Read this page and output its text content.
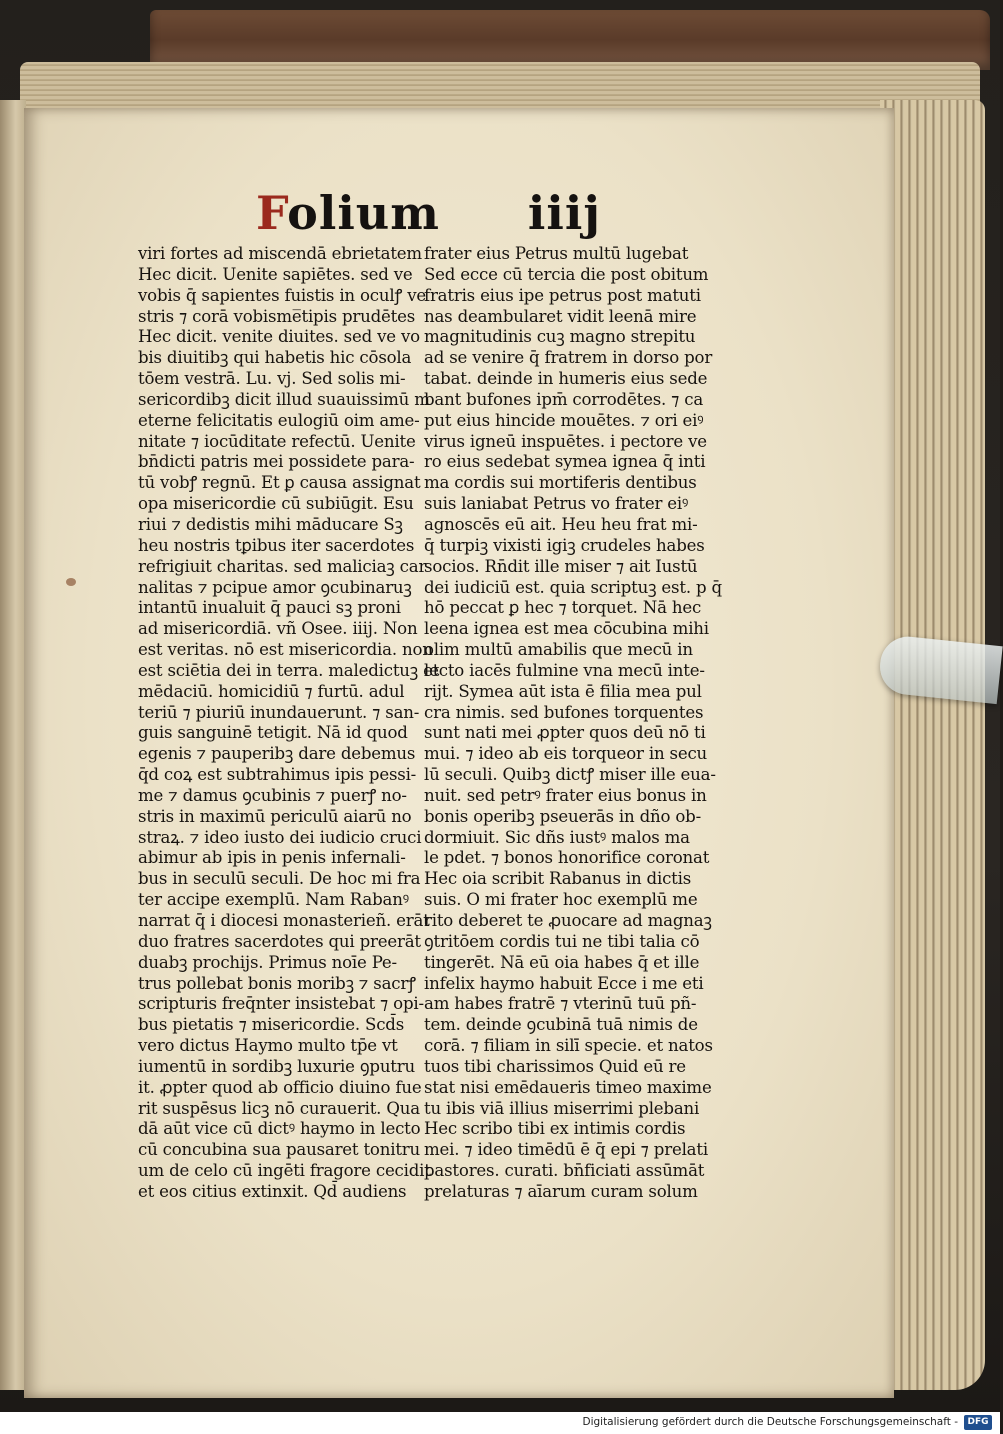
Folium iiij
viri fortes ad miscendā ebrietatem
Hec dicit. Uenite sapiētes. sed ve
vobis q̄ sapientes fuistis in oculꝭ ve
stris ⁊ corā vobisme̅tipis prudētes
Hec dicit. venite diuites. sed ve vo
bis diuitibꝫ qui habetis hic cōsola
tōem vestrā. Lu. vj. Sed solis mi-
sericordibꝫ dicit illud suauissimū m
eterne felicitatis eulogiū oim ame-
nitate ⁊ iocūditate refectū. Uenite
bn̄dicti patris mei possidete para-
tū vobꝭ regnū. Et ꝑ causa assignat
opa misericordie cū subiūgit. Esu
riui ⁊ dedistis mihi māducare Sꝫ
heu nostris tꝑibus iter sacerdotes
refrigiuit charitas. sed maliciaꝫ car
nalitas ⁊ pcipue amor ꝯcubinaruꝫ
intantū inualuit q̄ pauci sꝫ proni
ad misericordiā. vñ Osee. iiij. Non
est veritas. nō est misericordia. non
est sciētia dei in terra. maledictuꝫ et
mēdaciū. homicidiū ⁊ furtū. adul
teriū ⁊ piuriū inundauerunt. ⁊ san-
guis sanguinē tetigit. Nā id quod
egenis ⁊ pauperibꝫ dare debemus
q̄d coꝝ est subtrahimus ipis pessi-
me ⁊ damus ꝯcubinis ⁊ puerꝭ no-
stris in maximū periculū aiarū no
straꝝ. ⁊ ideo iusto dei iudicio cruci
abimur ab ipis in penis infernali-
bus in seculū seculi. De hoc mi fra
ter accipe exemplū. Nam Rabanꝰ
narrat q̄ i diocesi monasterieñ. erāt
duo fratres sacerdotes qui preerāt
duabꝫ prochijs. Primus noīe Pe-
trus pollebat bonis moribꝫ ⁊ sacrꝭ
scripturis freq̄nter insistebat ⁊ opi-
bus pietatis ⁊ misericordie. Scd̄s
vero dictus Haymo multo tp̄e vt
iumentū in sordibꝫ luxurie ꝯputru
it. ꝓpter quod ab officio diuino fue
rit suspēsus licꝫ nō curauerit. Qua
dā aūt vice cū dictꝰ haymo in lecto
cū concubina sua pausaret tonitru
um de celo cū ingēti fragore cecidit
et eos citius extinxit. Qd̄ audiens
frater eius Petrus multū lugebat
Sed ecce cū tercia die post obitum
fratris eius ipe petrus post matuti
nas deambularet vidit leenā mire
magnitudinis cuꝫ magno strepitu
ad se venire q̄ fratrem in dorso por
tabat. deinde in humeris eius sede
bant bufones ipm̄ corrodētes. ⁊ ca
put eius hincide mouētes. ⁊ ori eiꝰ
virus igneū inspuētes. i pectore ve
ro eius sedebat symea ignea q̄ inti
ma cordis sui mortiferis dentibus
suis laniabat Petrus vo frater eiꝰ
agnoscēs eū ait. Heu heu frat mi-
q̄ turpiꝫ vixisti igiꝫ crudeles habes
socios. Rn̄dit ille miser ⁊ ait Iustū
dei iudiciū est. quia scriptuꝫ est. p q̄
hō peccat ꝑ hec ⁊ torquet. Nā hec
leena ignea est mea cōcubina mihi
olim multū amabilis que mecū in
lecto iacēs fulmine vna mecū inte-
rijt. Symea aūt ista ē filia mea pul
cra nimis. sed bufones torquentes
sunt nati mei ꝓpter quos deū nō ti
mui. ⁊ ideo ab eis torqueor in secu
lū seculi. Quibꝫ dictꝭ miser ille eua-
nuit. sed petrꝰ frater eius bonus in
bonis operibꝫ pseuerās in dño ob-
dormiuit. Sic dñs iustꝰ malos ma
le pdet. ⁊ bonos honorifice coronat
Hec oia scribit Rabanus in dictis
suis. O mi frater hoc exemplū me
rito deberet te ꝓuocare ad magnaꝫ
ꝯtritōem cordis tui ne tibi talia cō
tingerēt. Nā eū oia habes q̄ et ille
infelix haymo habuit Ecce i me eti
am habes fratrē ⁊ vterinū tuū pñ-
tem. deinde ꝯcubinā tuā nimis de
corā. ⁊ filiam in silī specie. et natos
tuos tibi charissimos Quid eū re
stat nisi emēdaueris timeo maxime
tu ibis viā illius miserrimi plebani
Hec scribo tibi ex intimis cordis
mei. ⁊ ideo timēdū ē q̄ epi ⁊ prelati
pastores. curati. bn̄ficiati assūmāt
prelaturas ⁊ aīarum curam solum
Digitalisierung gefördert durch die Deutsche Forschungsgemeinschaft -	DFG
